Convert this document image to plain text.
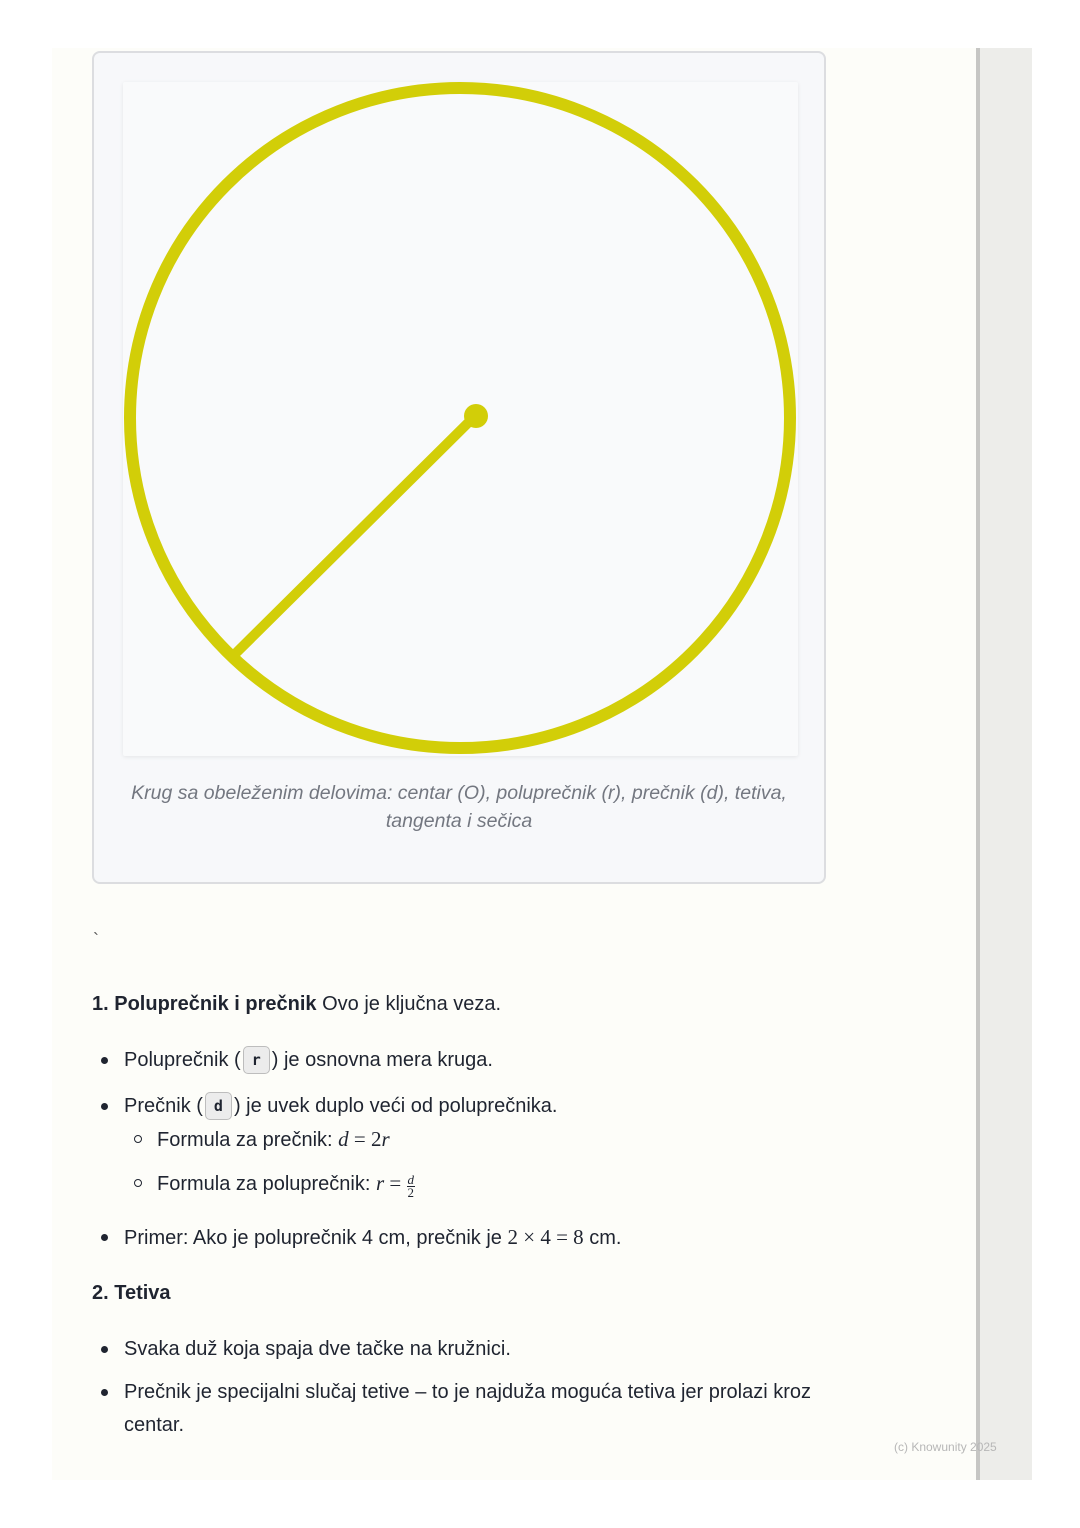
Krug sa obeleženim delovima: centar (O), poluprečnik (r), prečnik (d), tetiva, tangenta i sečica
`
1. Poluprečnik i prečnik Ovo je ključna veza.
Poluprečnik ( r ) je osnovna mera kruga.
Prečnik ( d ) je uvek duplo veći od poluprečnika.
Formula za prečnik: d = 2r
Formula za poluprečnik: $r = \frac{d}{2}$
Primer: Ako je poluprečnik 4 cm, prečnik je 2 × 4 = 8 cm.
2. Tetiva
Svaka duž koja spaja dve tačke na kružnici.
Prečnik je specijalni slučaj tetive – to je najduža moguća tetiva jer prolazi kroz centar.
(c) Knowunity 2025
